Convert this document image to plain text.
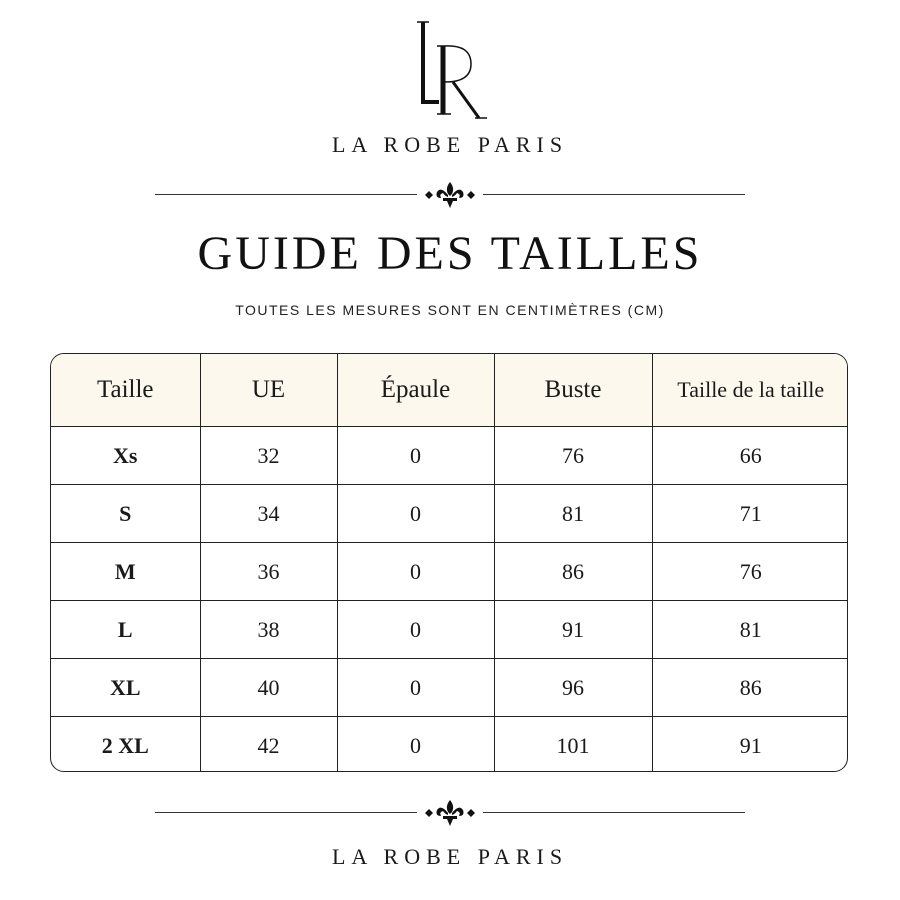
LA ROBE PARIS
GUIDE DES TAILLES
TOUTES LES MESURES SONT EN CENTIMÈTRES (CM)
Taille	UE	Épaule	Buste	Taille de la taille
Xs	32	0	76	66
S	34	0	81	71
M	36	0	86	76
L	38	0	91	81
XL	40	0	96	86
2 XL	42	0	101	91
LA ROBE PARIS
